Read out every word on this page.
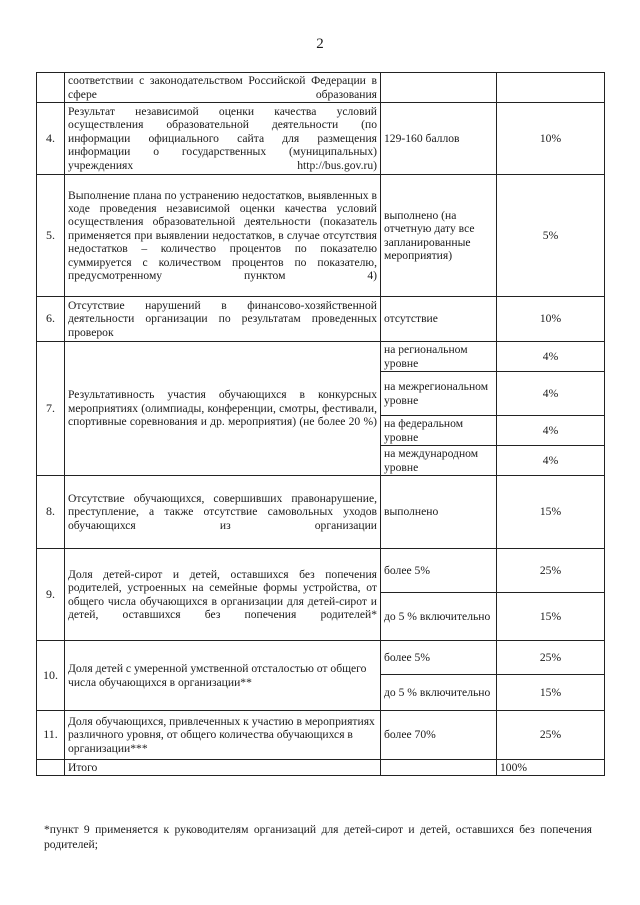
2
	соответствии с законодательством Российской Федерации в сфере образования		
4.	Результат независимой оценки качества условий осуществления образовательной деятельности (по информации официального сайта для размещения информации о государственных (муниципальных) учреждениях http://bus.gov.ru)	129-160 баллов	10%
5.	Выполнение плана по устранению недостатков, выявленных в ходе проведения независимой оценки качества условий осуществления образовательной деятельности (показатель применяется при выявлении недостатков, в случае отсутствия недостатков – количество процентов по показателю суммируется с количеством процентов по показателю, предусмотренному пунктом 4)	выполнено (на отчетную дату все запланированные мероприятия)	5%
6.	Отсутствие нарушений в финансово-хозяйственной деятельности организации по результатам проведенных проверок	отсутствие	10%
7.	Результативность участия обучающихся в конкурсных мероприятиях (олимпиады, конференции, смотры, фестивали, спортивные соревнования и др. мероприятия) (не более 20 %)	на региональном уровне	4%
		на межрегиональном уровне	4%
		на федеральном уровне	4%
		на международном уровне	4%
8.	Отсутствие обучающихся, совершивших правонарушение, преступление, а также отсутствие самовольных уходов обучающихся из организации	выполнено	15%
9.	Доля детей-сирот и детей, оставшихся без попечения родителей, устроенных на семейные формы устройства, от общего числа обучающихся в организации для детей-сирот и детей, оставшихся без попечения родителей*	более 5%	25%
		до 5 % включительно	15%
10.	Доля детей с умеренной умственной отсталостью от общего числа обучающихся в организации**	более 5%	25%
		до 5 % включительно	15%
11.	Доля обучающихся, привлеченных к участию в мероприятиях различного уровня, от общего количества обучающихся в организации***	более 70%	25%
	Итого		100%
*пункт 9 применяется к руководителям организаций для детей-сирот и детей, оставшихся без попечения родителей;
